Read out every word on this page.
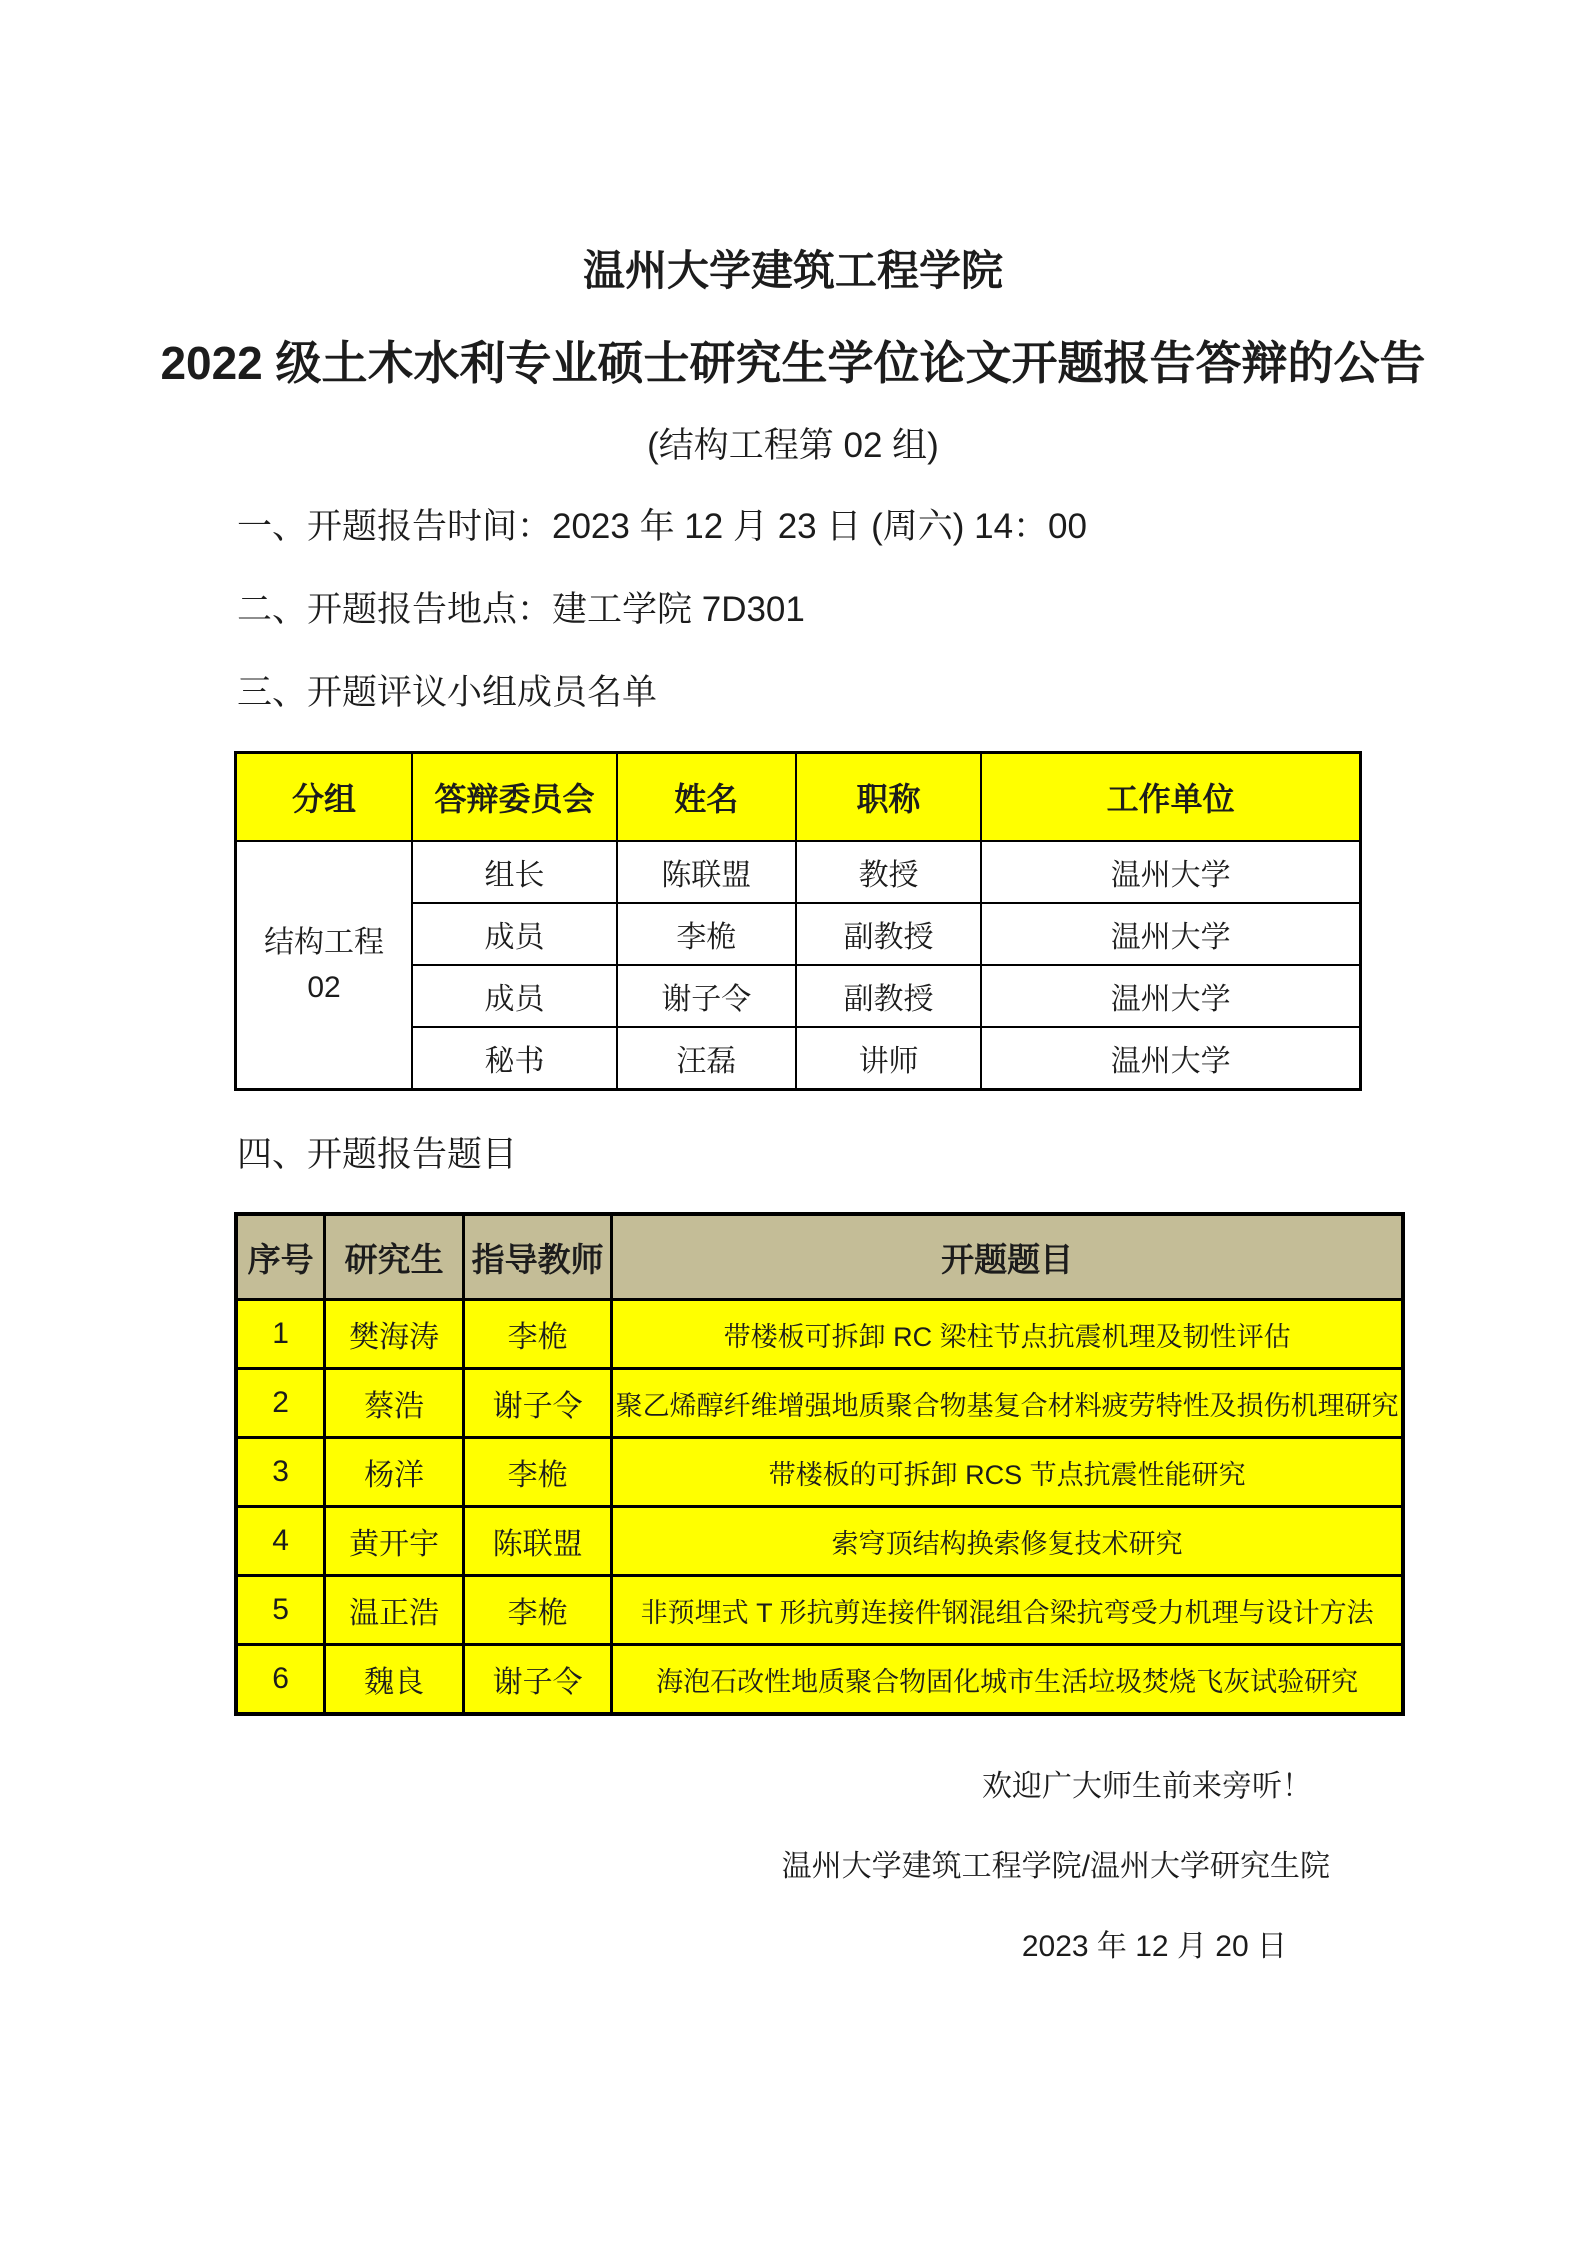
温州大学建筑工程学院
2022 级土木水利专业硕士研究生学位论文开题报告答辩的公告
(结构工程第 02 组)
一、开题报告时间：2023 年 12 月 23 日 (周六) 14：00
二、开题报告地点：建工学院 7D301
三、开题评议小组成员名单
分组	答辩委员会	姓名	职称	工作单位

结构工程
02	组长	陈联盟	教授	温州大学
	成员	李桅	副教授	温州大学
	成员	谢子令	副教授	温州大学
	秘书	汪磊	讲师	温州大学
四、开题报告题目
序号	研究生	指导教师	开题题目
1	樊海涛	李桅	带楼板可拆卸 RC 梁柱节点抗震机理及韧性评估
2	蔡浩	谢子令	聚乙烯醇纤维增强地质聚合物基复合材料疲劳特性及损伤机理研究
3	杨洋	李桅	带楼板的可拆卸 RCS 节点抗震性能研究
4	黄开宇	陈联盟	索穹顶结构换索修复技术研究
5	温正浩	李桅	非预埋式 T 形抗剪连接件钢混组合梁抗弯受力机理与设计方法
6	魏良	谢子令	海泡石改性地质聚合物固化城市生活垃圾焚烧飞灰试验研究
欢迎广大师生前来旁听！
温州大学建筑工程学院/温州大学研究生院
2023 年 12 月 20 日
